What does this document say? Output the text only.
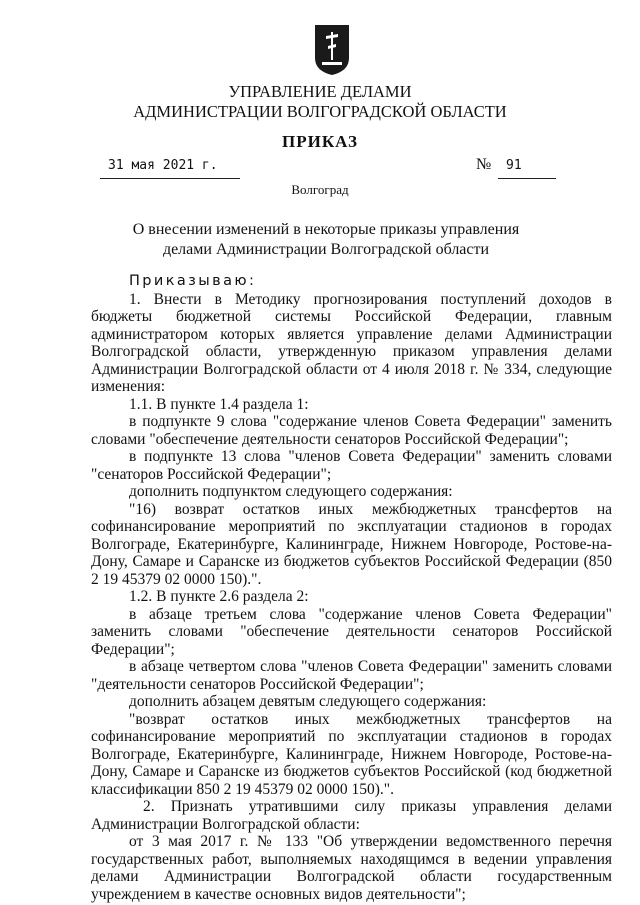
УПРАВЛЕНИЕ ДЕЛАМИ
АДМИНИСТРАЦИИ ВОЛГОГРАДСКОЙ ОБЛАСТИ
ПРИКАЗ
31 мая 2021 г.	№ 91
Волгоград
О внесении изменений в некоторые приказы управления делами Администрации Волгоградской области

Приказываю:

1. Внести в Методику прогнозирования поступлений доходов в бюджеты бюджетной системы Российской Федерации, главным администратором которых является управление делами Администрации Волгоградской области, утвержденную приказом управления делами Администрации Волгоградской области от 4 июля 2018 г. № 334, следующие изменения:

1.1. В пункте 1.4 раздела 1:

в подпункте 9 слова "содержание членов Совета Федерации" заменить словами "обеспечение деятельности сенаторов Российской Федерации";

в подпункте 13 слова "членов Совета Федерации" заменить словами "сенаторов Российской Федерации";

дополнить подпунктом следующего содержания:

"16) возврат остатков иных межбюджетных трансфертов на софинансирование мероприятий по эксплуатации стадионов в городах Волгограде, Екатеринбурге, Калининграде, Нижнем Новгороде, Ростове-на-Дону, Самаре и Саранске из бюджетов субъектов Российской Федерации (850 2 19 45379 02 0000 150).".

1.2. В пункте 2.6 раздела 2:

в абзаце третьем слова "содержание членов Совета Федерации" заменить словами "обеспечение деятельности сенаторов Российской Федерации";

в абзаце четвертом слова "членов Совета Федерации" заменить словами "деятельности сенаторов Российской Федерации";

дополнить абзацем девятым следующего содержания:

"возврат остатков иных межбюджетных трансфертов на софинансирование мероприятий по эксплуатации стадионов в городах Волгограде, Екатеринбурге, Калининграде, Нижнем Новгороде, Ростове-на-Дону, Самаре и Саранске из бюджетов субъектов Российской (код бюджетной классификации 850 2 19 45379 02 0000 150).".

2. Признать утратившими силу приказы управления делами Администрации Волгоградской области:

от 3 мая 2017 г. № 133 "Об утверждении ведомственного перечня государственных работ, выполняемых находящимся в ведении управления делами Администрации Волгоградской области государственным учреждением в качестве основных видов деятельности";
